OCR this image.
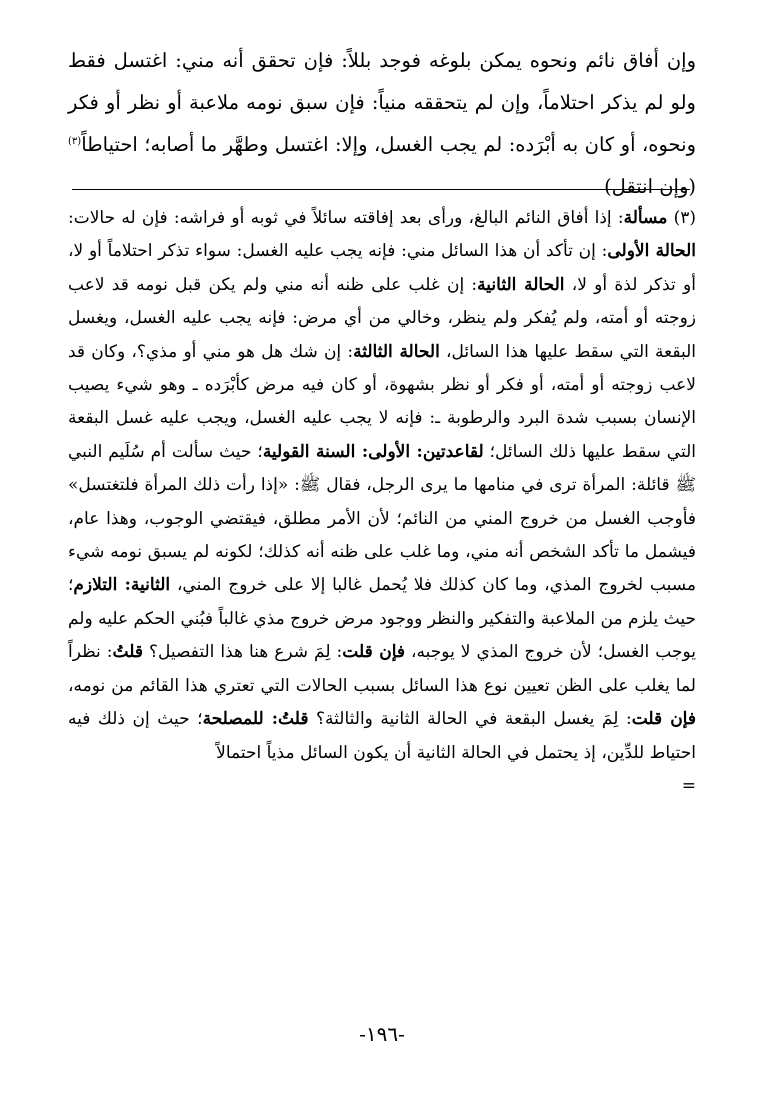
وإن أفاق نائم ونحوه يمكن بلوغه فوجد بللاً: فإن تحقق أنه مني: اغتسل فقط ولو لم يذكر احتلاماً، وإن لم يتحققه منياً: فإن سبق نومه ملاعبة أو نظر أو فكر ونحوه، أو كان به أبْرَده: لم يجب الغسل، وإلا: اغتسل وطهَّر ما أصابه؛ احتياطاً$^{(٣)}$ (وإن انتقل)

(٣) مسألة: إذا أفاق النائم البالغ، ورأى بعد إفاقته سائلاً في ثوبه أو فراشه: فإن له حالات: الحالة الأولى: إن تأكد أن هذا السائل مني: فإنه يجب عليه الغسل: سواء تذكر احتلاماً أو لا، أو تذكر لذة أو لا، الحالة الثانية: إن غلب على ظنه أنه مني ولم يكن قبل نومه قد لاعب زوجته أو أمته، ولم يُفكر ولم ينظر، وخالي من أي مرض: فإنه يجب عليه الغسل، ويغسل البقعة التي سقط عليها هذا السائل، الحالة الثالثة: إن شك هل هو مني أو مذي؟، وكان قد لاعب زوجته أو أمته، أو فكر أو نظر بشهوة، أو كان فيه مرض كأبْرَده ـ وهو شيء يصيب الإنسان بسبب شدة البرد والرطوبة ـ: فإنه لا يجب عليه الغسل، ويجب عليه غسل البقعة التي سقط عليها ذلك السائل؛ لقاعدتين: الأولى: السنة القولية؛ حيث سألت أم سُلَيم النبي ﷺ قائلة: المرأة ترى في منامها ما يرى الرجل، فقال ﷺ: «إذا رأت ذلك المرأة فلتغتسل» فأوجب الغسل من خروج المني من النائم؛ لأن الأمر مطلق، فيقتضي الوجوب، وهذا عام، فيشمل ما تأكد الشخص أنه مني، وما غلب على ظنه أنه كذلك؛ لكونه لم يسبق نومه شيء مسبب لخروج المذي، وما كان كذلك فلا يُحمل غالبا إلا على خروج المني، الثانية: التلازم؛ حيث يلزم من الملاعبة والتفكير والنظر ووجود مرض خروج مذي غالباً فبُني الحكم عليه ولم يوجب الغسل؛ لأن خروج المذي لا يوجبه، فإن قلت: لِمَ شرع هنا هذا التفصيل؟ قلتُ: نظراً لما يغلب على الظن تعيين نوع هذا السائل بسبب الحالات التي تعتري هذا القائم من نومه، فإن قلت: لِمَ يغسل البقعة في الحالة الثانية والثالثة؟ قلتُ: للمصلحة؛ حيث إن ذلك فيه احتياط للدِّين، إذ يحتمل في الحالة الثانية أن يكون السائل مذياً احتمالاً

=
-١٩٦-
